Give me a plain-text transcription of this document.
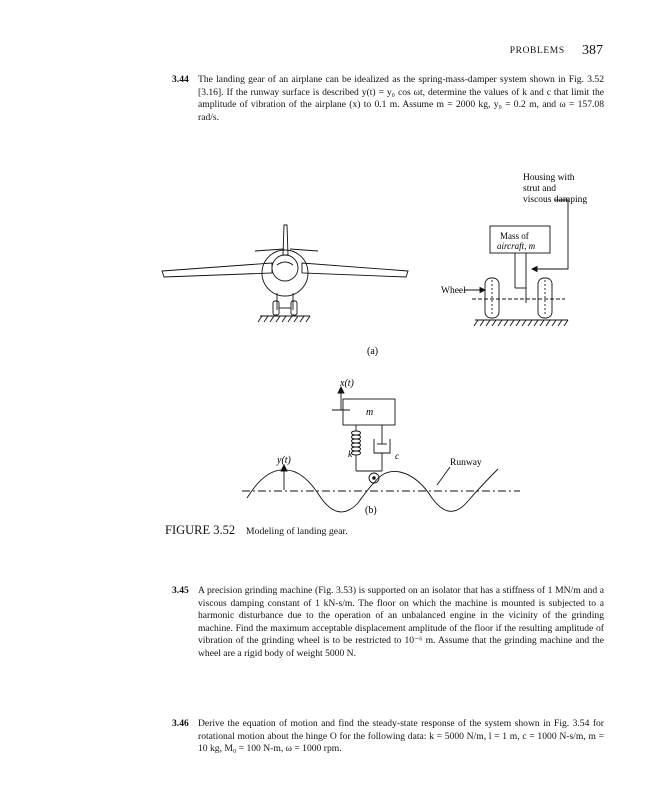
PROBLEMS 387
3.44 The landing gear of an airplane can be idealized as the spring-mass-damper system shown in Fig. 3.52 [3.16]. If the runway surface is described y(t) = y₀ cos ωt, determine the values of k and c that limit the amplitude of vibration of the airplane (x) to 0.1 m. Assume m = 2000 kg, y₀ = 0.2 m, and ω = 157.08 rad/s.
Housing with
strut and
viscous damping
Mass of
aircraft, m
Wheel
(a)
x(t)
m
k	c
y(t)	Runway
(b)
FIGURE 3.52 Modeling of landing gear.
3.45 A precision grinding machine (Fig. 3.53) is supported on an isolator that has a stiffness of 1 MN/m and a viscous damping constant of 1 kN-s/m. The floor on which the machine is mounted is subjected to a harmonic disturbance due to the operation of an unbalanced engine in the vicinity of the grinding machine. Find the maximum acceptable displacement amplitude of the floor if the resulting amplitude of vibration of the grinding wheel is to be restricted to 10⁻⁶ m. Assume that the grinding machine and the wheel are a rigid body of weight 5000 N.
3.46 Derive the equation of motion and find the steady-state response of the system shown in Fig. 3.54 for rotational motion about the hinge O for the following data: k = 5000 N/m, l = 1 m, c = 1000 N-s/m, m = 10 kg, M₀ = 100 N-m, ω = 1000 rpm.
